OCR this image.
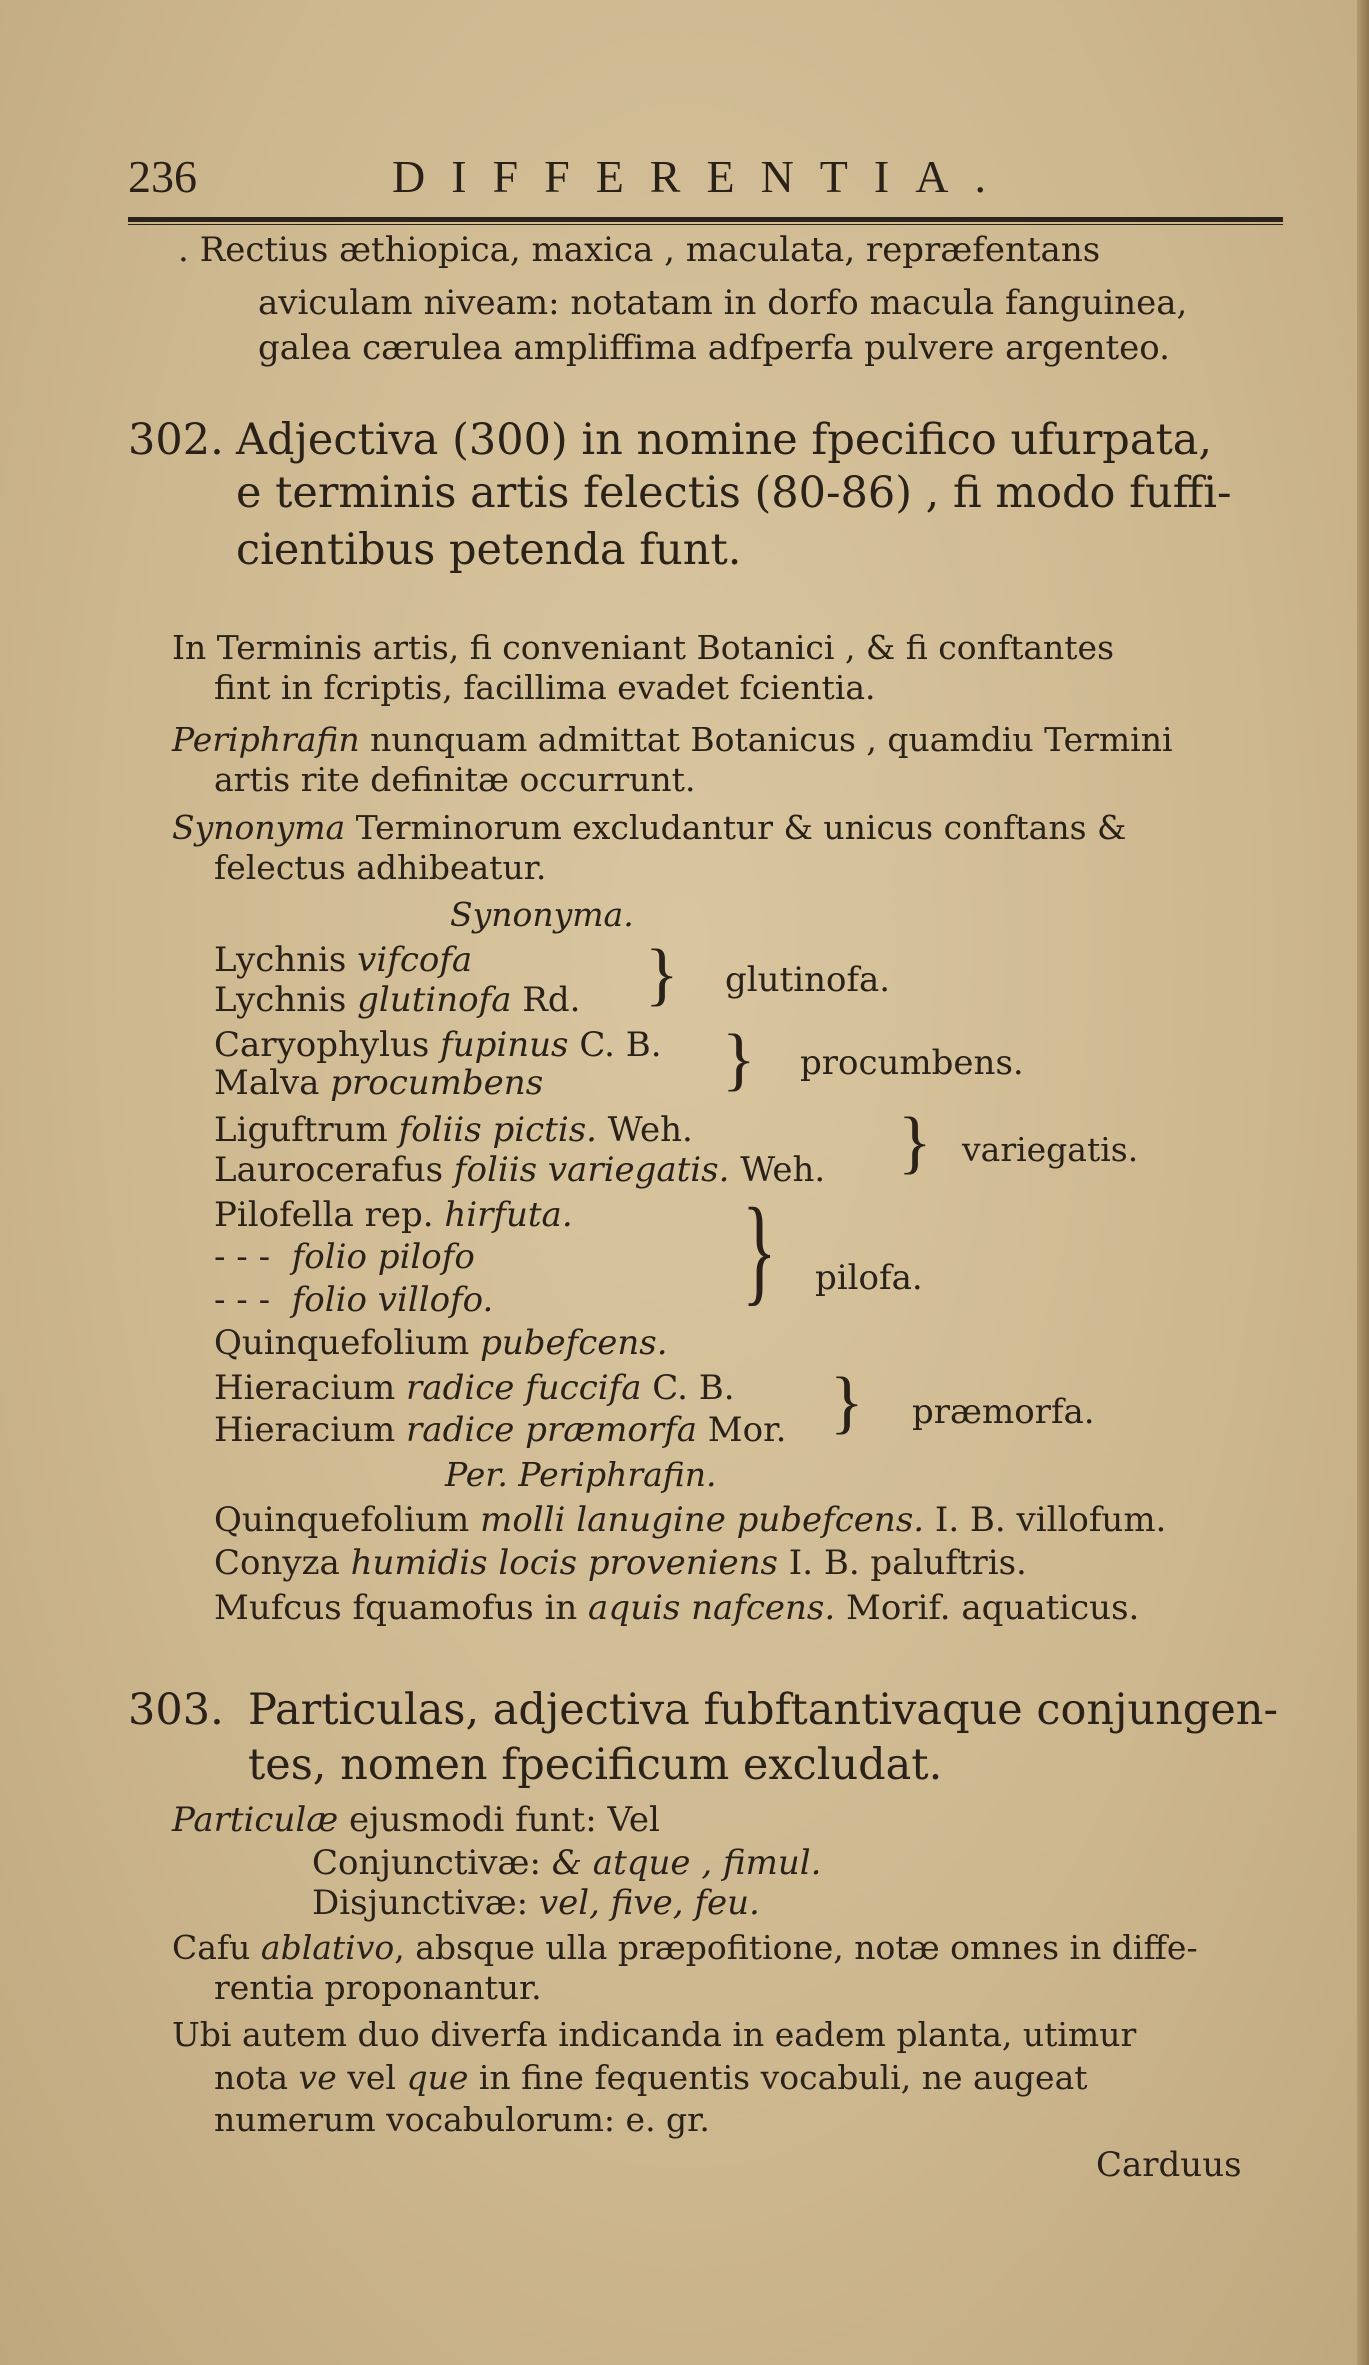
236	DIFFERENTIA.
. Rectius æthiopica, maxica , maculata, repræfentans
aviculam niveam: notatam in dorfo macula fanguinea,
galea cærulea ampliffima adfperfa pulvere argenteo.
302. Adjectiva (300) in nomine fpecifico ufurpata,
e terminis artis felectis (80-86) , fi modo fuffi-
cientibus petenda funt.
In Terminis artis, fi conveniant Botanici , & fi conftantes
fint in fcriptis, facillima evadet fcientia.
Periphrafin nunquam admittat Botanicus , quamdiu Termini
artis rite definitæ occurrunt.
Synonyma Terminorum excludantur & unicus conftans &
felectus adhibeatur.
Synonyma.
Lychnis vifcofa
Lychnis glutinofa Rd. } glutinofa.
Caryophylus fupinus C. B.
Malva procumbens	} procumbens.
Liguftrum foliis pictis. Weh.
Laurocerafus foliis variegatis. Weh. } variegatis.
Pilofella rep. hirfuta.
- - - folio pilofo
- - - folio villofo.
Quinquefolium pubefcens.
} pilofa.
Hieracium radice fuccifa C. B.
Hieracium radice præmorfa Mor. } præmorfa.
Per. Periphrafin.
Quinquefolium molli lanugine pubefcens. I. B. villofum.
Conyza humidis locis proveniens I. B. paluftris.
Mufcus fquamofus in aquis nafcens. Morif. aquaticus.
303. Particulas, adjectiva fubftantivaque conjungen-
tes, nomen fpecificum excludat.
Particulæ ejusmodi funt: Vel
Conjunctivæ: & atque , fimul.
Disjunctivæ: vel, five, feu.
Cafu ablativo, absque ulla præpofitione, notæ omnes in diffe-
rentia proponantur.
Ubi autem duo diverfa indicanda in eadem planta, utimur
nota ve vel que in fine fequentis vocabuli, ne augeat
numerum vocabulorum: e. gr.
Carduus
